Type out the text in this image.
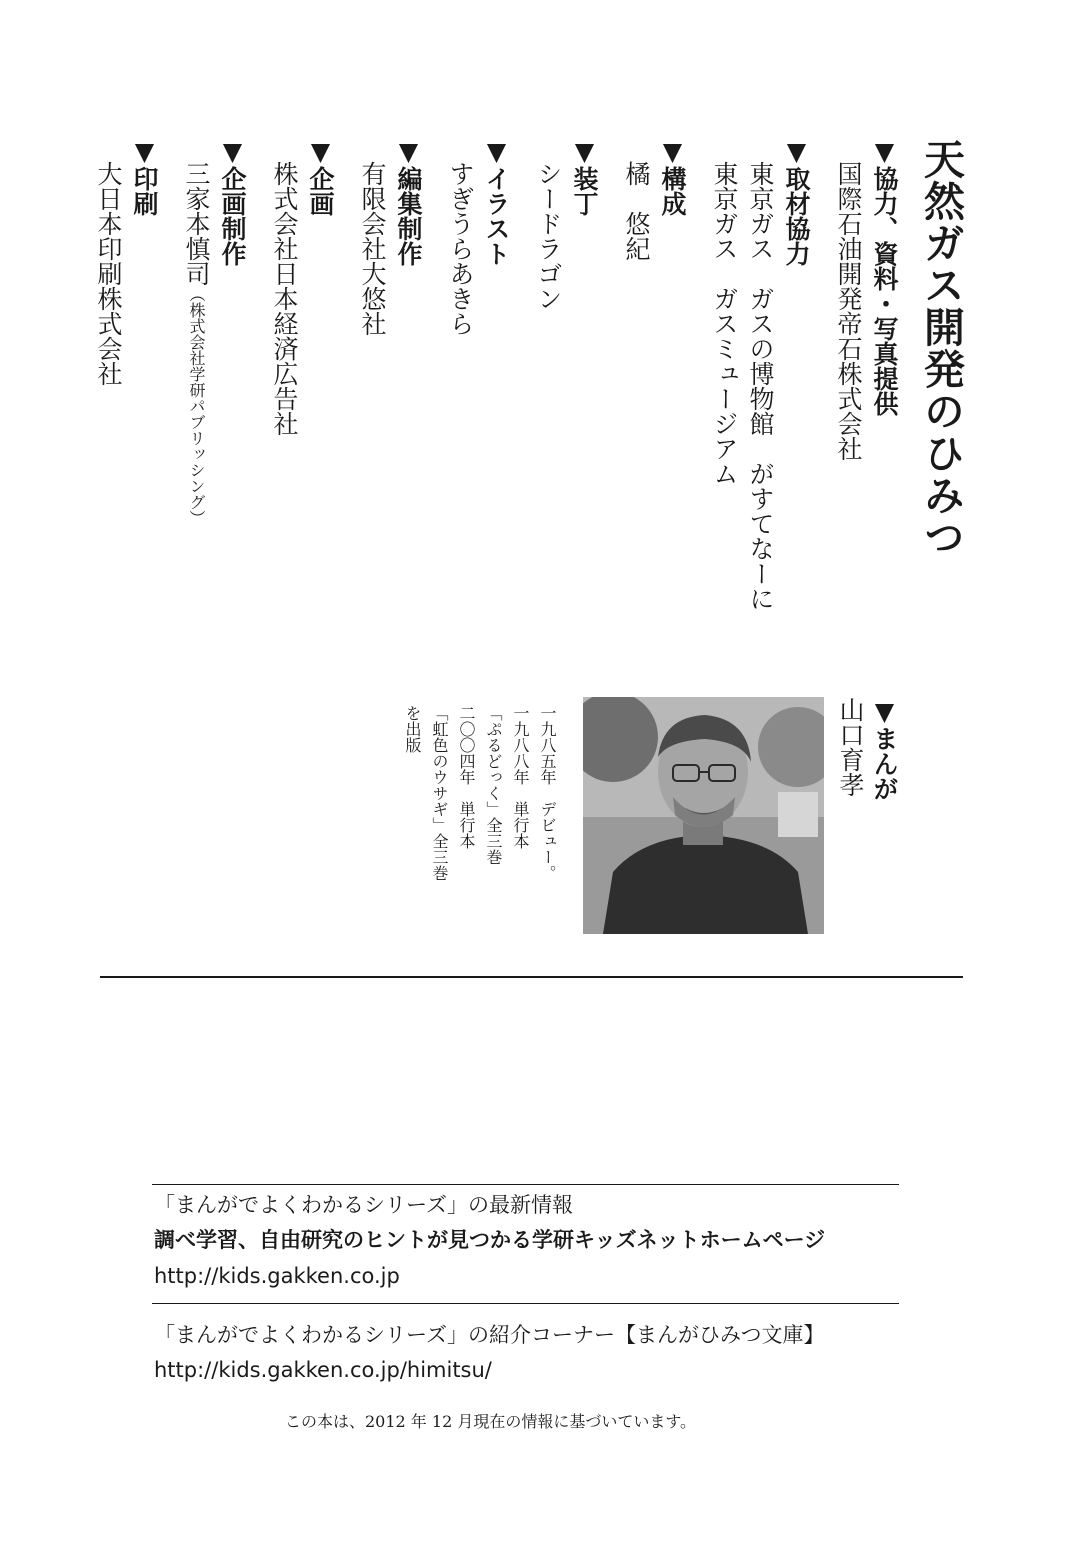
天然ガス開発のひみつ
▼協力、資料・写真提供
国際石油開発帝石株式会社
▼取材協力
東京ガス　ガスの博物館　がすてなーに
東京ガス　ガスミュージアム
▼構成
橘　悠紀
▼装丁
シードラゴン
▼イラスト
すぎうらあきら
▼編集制作
有限会社大悠社
▼企画
株式会社日本経済広告社
▼企画制作
三家本慎司
（株式会社学研パブリッシング）
▼印刷
大日本印刷株式会社
▼まんが
山口育孝
一九八五年　デビュー。
一九八八年　単行本
「ぷるどっく」全三巻
二〇〇四年　単行本
「虹色のウサギ」全三巻
を出版
「まんがでよくわかるシリーズ」の最新情報
調べ学習、自由研究のヒントが見つかる学研キッズネットホームページ
http://kids.gakken.co.jp
「まんがでよくわかるシリーズ」の紹介コーナー【まんがひみつ文庫】
http://kids.gakken.co.jp/himitsu/
この本は、2012 年 12 月現在の情報に基づいています。
